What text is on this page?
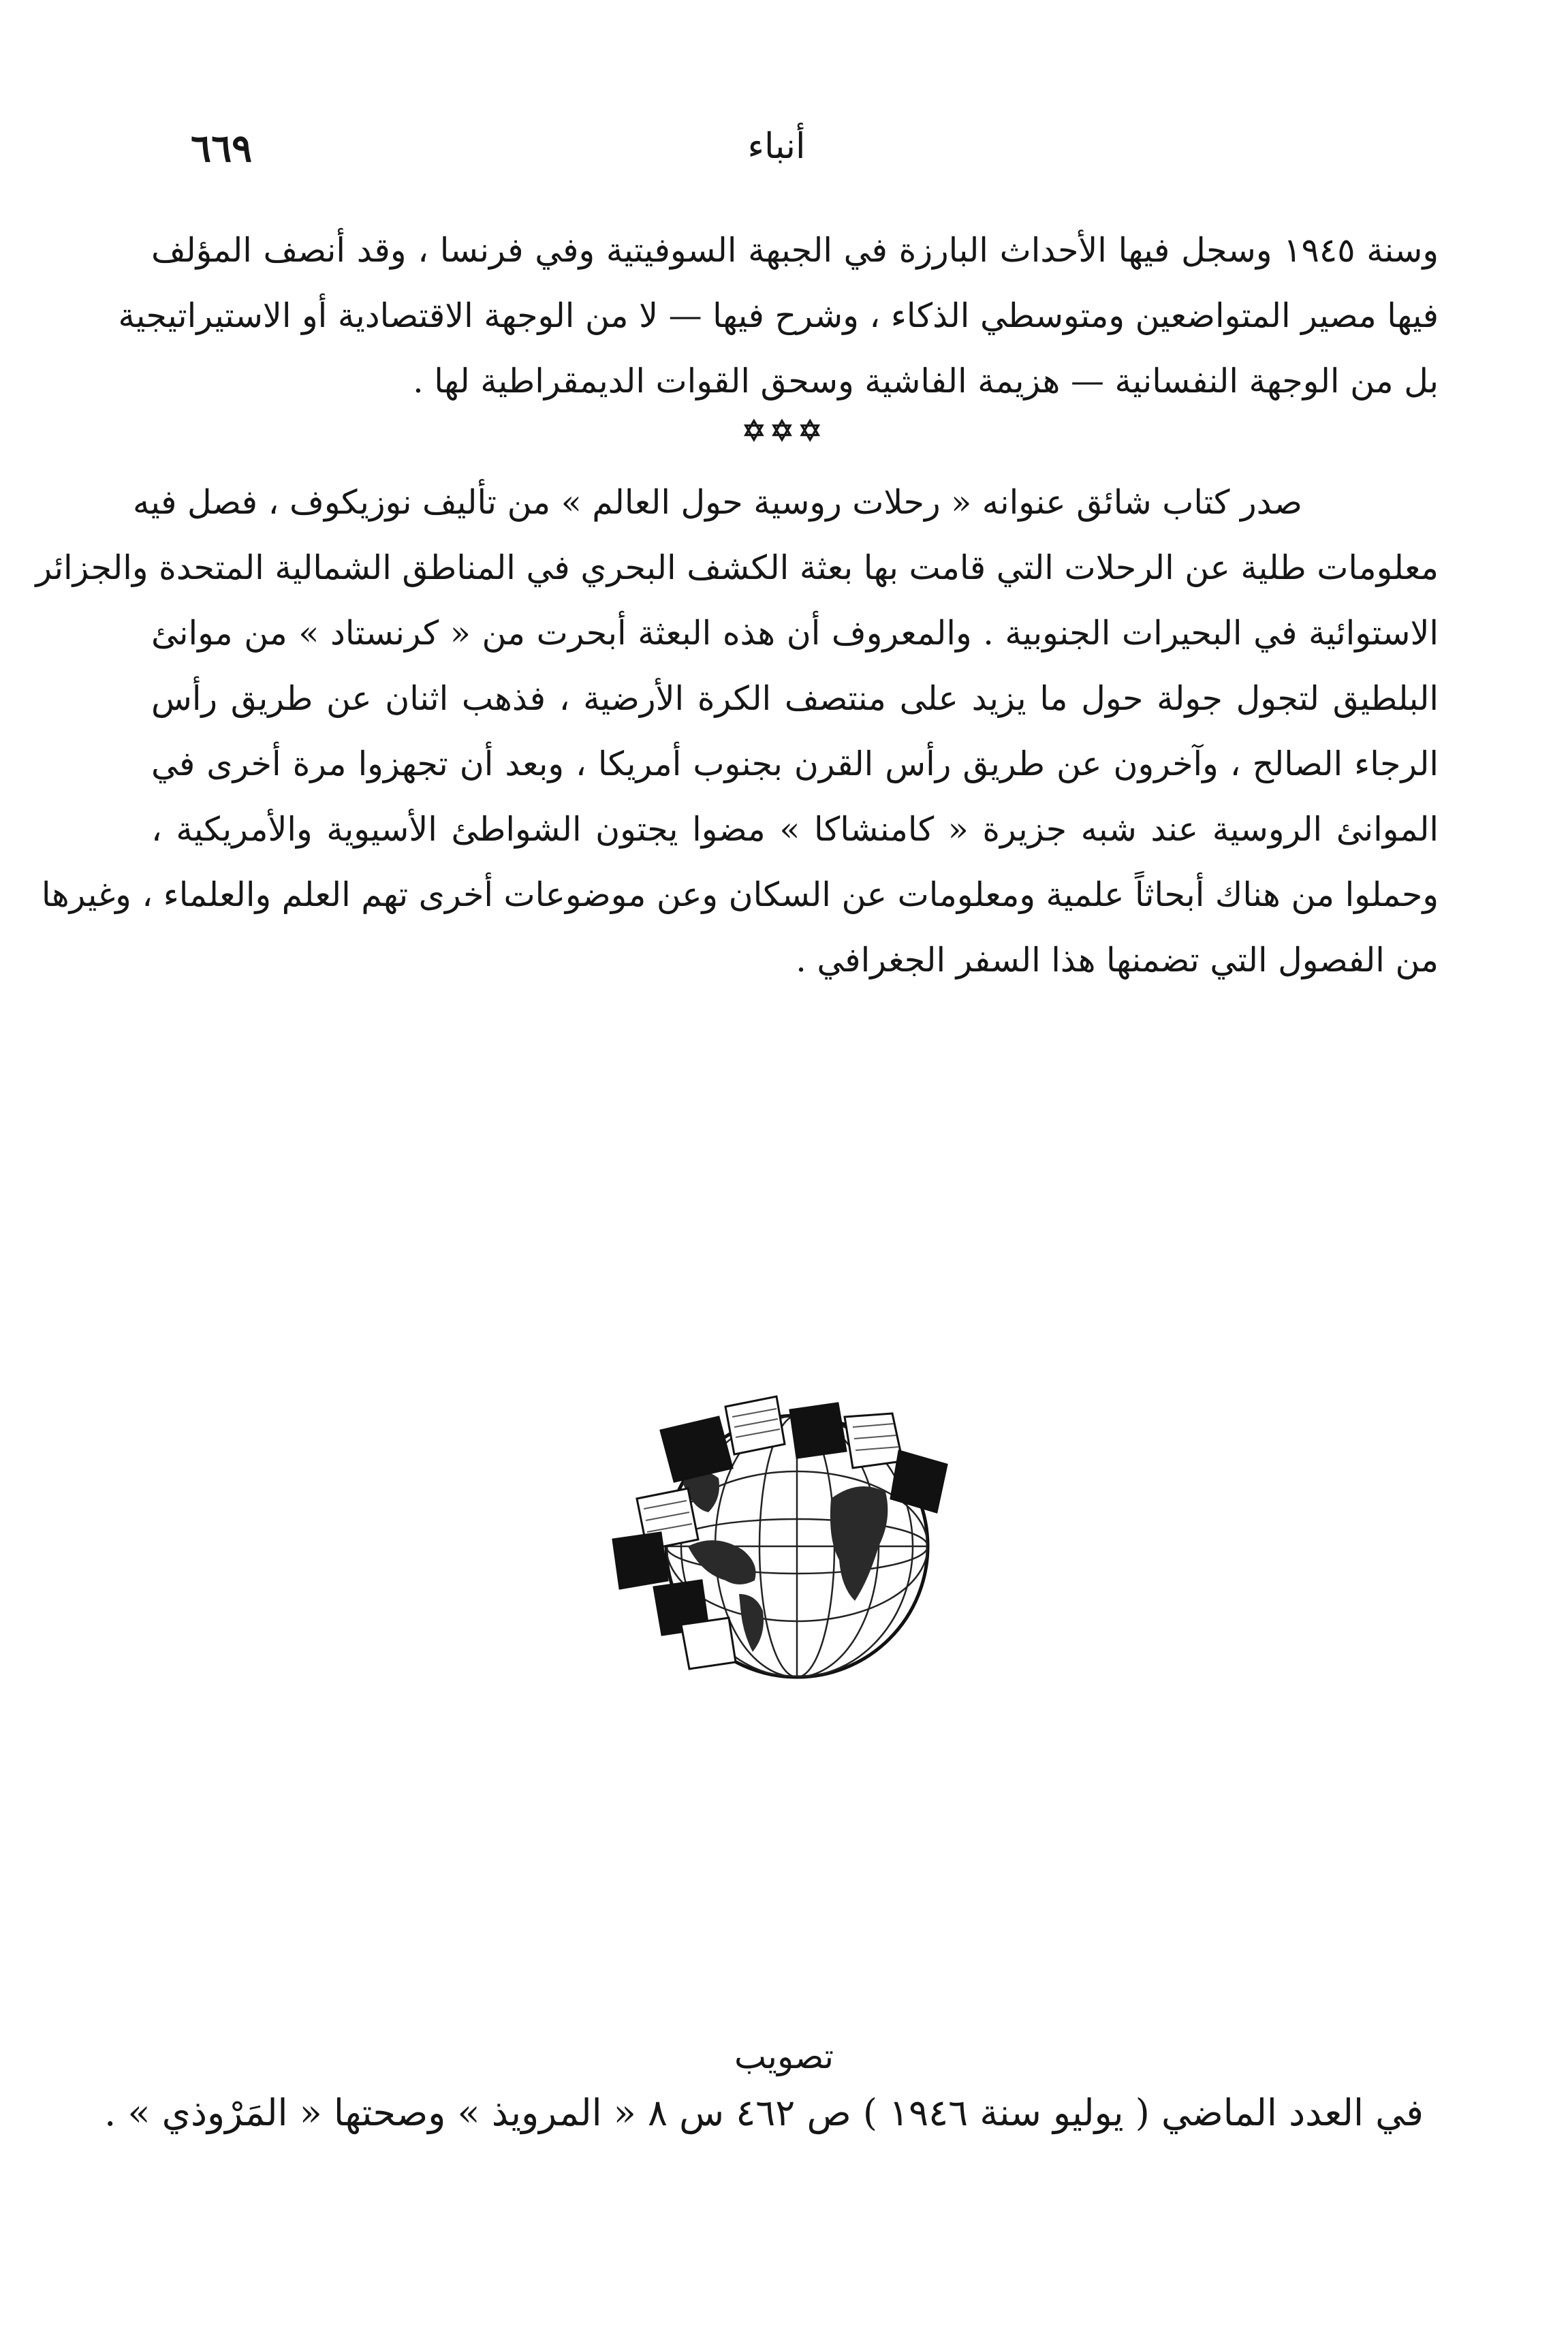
٦٦٩	أنباء
وسنة ١٩٤٥ وسجل فيها الأحداث البارزة في الجبهة السوفيتية وفي فرنسا ، وقد أنصف المؤلف
فيها مصير المتواضعين ومتوسطي الذكاء ، وشرح فيها — لا من الوجهة الاقتصادية أو الاستيراتيجية
بل من الوجهة النفسانية — هزيمة الفاشية وسحق القوات الديمقراطية لها .
✡✡✡
صدر كتاب شائق عنوانه « رحلات روسية حول العالم » من تأليف نوزيكوف ، فصل فيه
معلومات طلية عن الرحلات التي قامت بها بعثة الكشف البحري في المناطق الشمالية المتحدة والجزائر
الاستوائية في البحيرات الجنوبية . والمعروف أن هذه البعثة أبحرت من « كرنستاد » من موانئ
البلطيق لتجول جولة حول ما يزيد على منتصف الكرة الأرضية ، فذهب اثنان عن طريق رأس
الرجاء الصالح ، وآخرون عن طريق رأس القرن بجنوب أمريكا ، وبعد أن تجهزوا مرة أخرى في
الموانئ الروسية عند شبه جزيرة « كامنشاكا » مضوا يجتون الشواطئ الأسيوية والأمريكية ،
وحملوا من هناك أبحاثاً علمية ومعلومات عن السكان وعن موضوعات أخرى تهم العلم والعلماء ، وغيرها
من الفصول التي تضمنها هذا السفر الجغرافي .
تصويب
في العدد الماضي ( يوليو سنة ١٩٤٦ ) ص ٤٦٢ س ٨ « المرويذ » وصحتها « المَرْوذي » .
